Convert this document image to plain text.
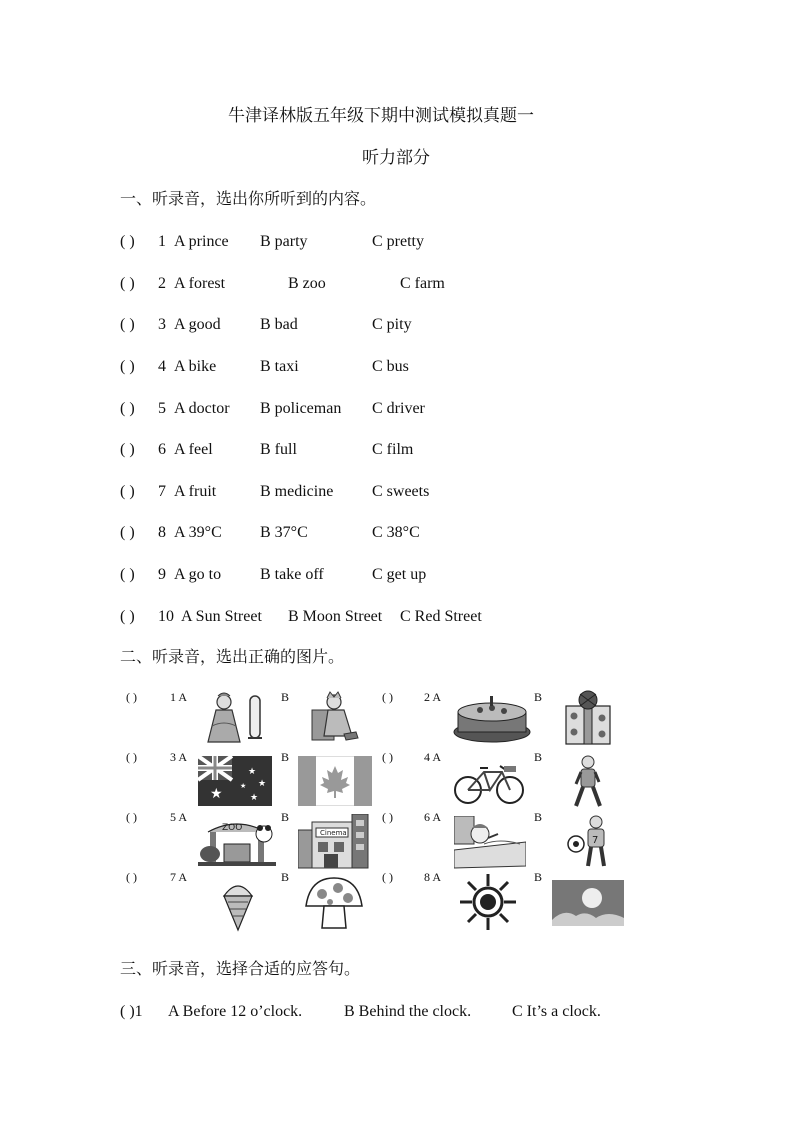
牛津译林版五年级下期中测试模拟真题一
听力部分
一、听录音，选出你所听到的内容。
( ) 1 A prince B party	C pretty
( ) 2 A forest	B zoo	C farm
( ) 3 A good B bad	C pity
( ) 4 A bike	B taxi	C bus
( ) 5 A doctor B policeman C driver
( ) 6 A feel	B full	C film
( ) 7 A fruit	B medicine C sweets
( ) 8 A 39°C B 37°C	C 38°C
( ) 9 A go to B take off	C get up
( ) 10 A Sun Street B Moon Street C Red Street
二、听录音，选出正确的图片。
( )	1 A	B	( )	2 A	B
( )	3 A	B	( )	4 A	B
( )	5 A	B	( )	6 A	B
( )	7 A	B	( )	8 A	B
★
★
★
★
★
ZOO	Cinema
7
三、听录音，选择合适的应答句。
( )1 A Before 12 o’clock.	B Behind the clock.	C It’s a clock.
